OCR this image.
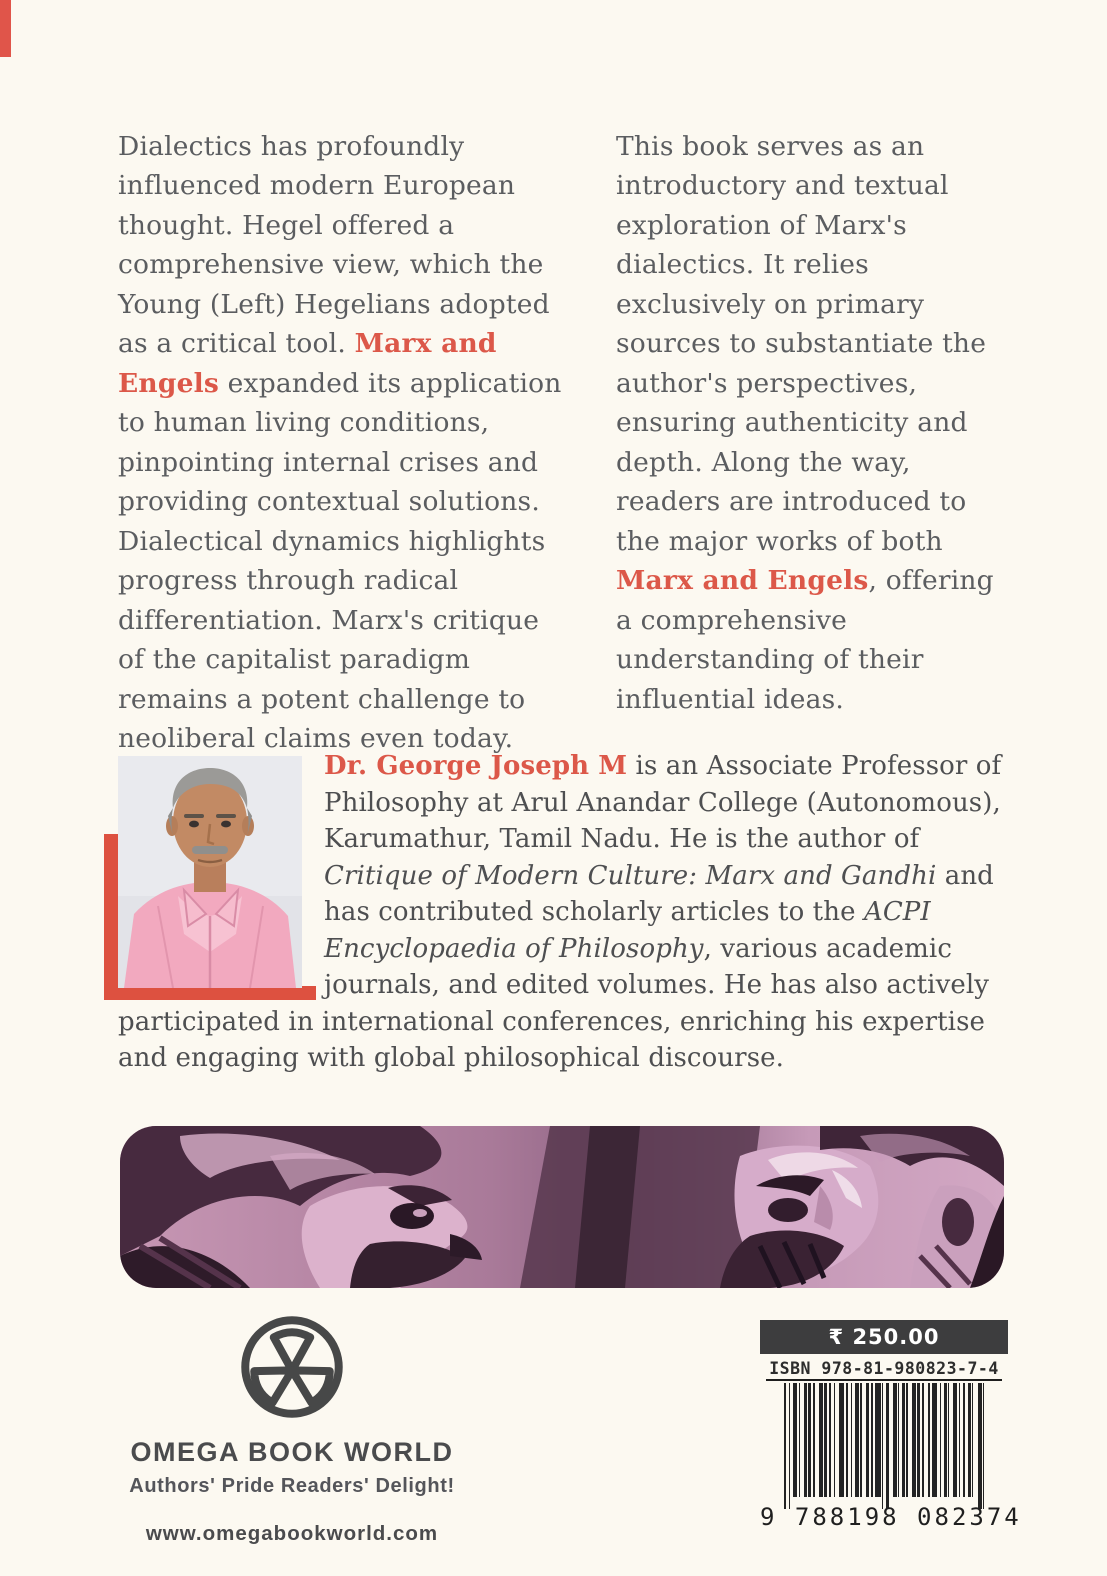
Dialectics has profoundly influenced modern European thought. Hegel offered a comprehensive view, which the Young (Left) Hegelians adopted as a critical tool. Marx and Engels expanded its application to human living conditions, pinpointing internal crises and providing contextual solutions. Dialectical dynamics highlights progress through radical differentiation. Marx's critique of the capitalist paradigm remains a potent challenge to neoliberal claims even today.

This book serves as an introductory and textual exploration of Marx's dialectics. It relies exclusively on primary sources to substantiate the author's perspectives, ensuring authenticity and depth. Along the way, readers are introduced to the major works of both Marx and Engels, offering a comprehensive understanding of their influential ideas.

Dr. George Joseph M is an Associate Professor of Philosophy at Arul Anandar College (Autonomous), Karumathur, Tamil Nadu. He is the author of Critique of Modern Culture: Marx and Gandhi and has contributed scholarly articles to the ACPI Encyclopaedia of Philosophy, various academic journals, and edited volumes. He has also actively participated in international conferences, enriching his expertise and engaging with global philosophical discourse.

OMEGA BOOK WORLD
Authors' Pride Readers' Delight!
www.omegabookworld.com
₹ 250.00
ISBN 978-81-980823-7-4
9 788198 082374
